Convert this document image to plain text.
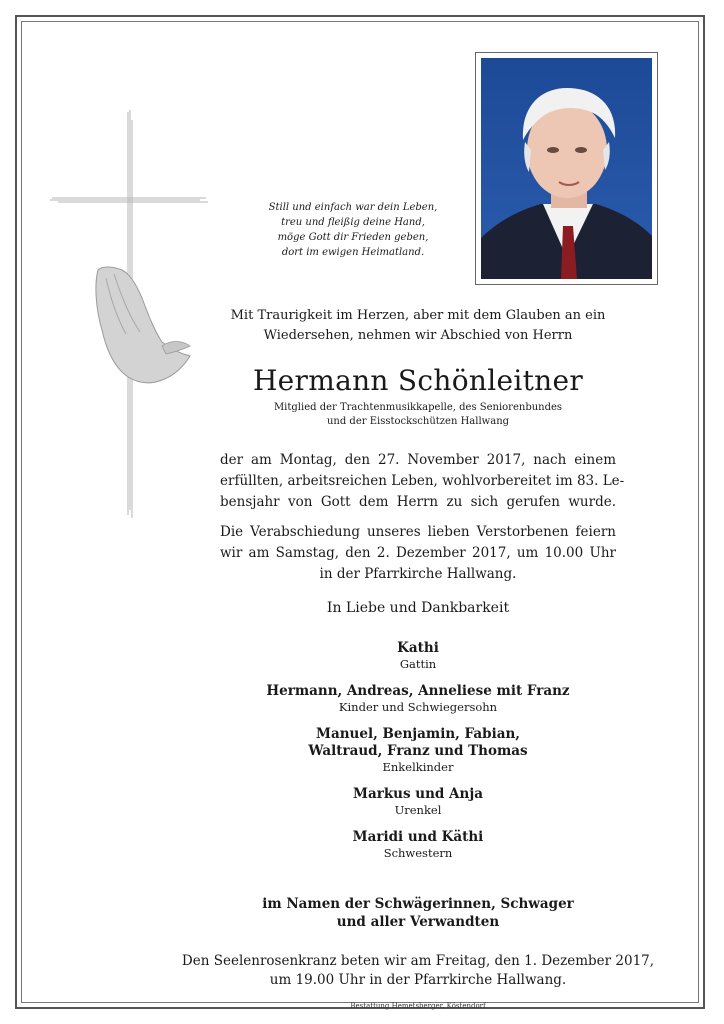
Still und einfach war dein Leben,
treu und fleißig deine Hand,
möge Gott dir Frieden geben,
dort im ewigen Heimatland.
Mit Traurigkeit im Herzen, aber mit dem Glauben an ein
Wiedersehen, nehmen wir Abschied von Herrn
Hermann Schönleitner
Mitglied der Trachtenmusikkapelle, des Seniorenbundes
und der Eisstockschützen Hallwang
der am Montag, den 27. November 2017, nach einem
erfüllten, arbeitsreichen Leben, wohlvorbereitet im 83. Le-
bensjahr von Gott dem Herrn zu sich gerufen wurde.
Die Verabschiedung unseres lieben Verstorbenen feiern
wir am Samstag, den 2. Dezember 2017, um 10.00 Uhr
in der Pfarrkirche Hallwang.
In Liebe und Dankbarkeit
Kathi
Gattin
Hermann, Andreas, Anneliese mit Franz
Kinder und Schwiegersohn
Manuel, Benjamin, Fabian,
Waltraud, Franz und Thomas
Enkelkinder
Markus und Anja
Urenkel
Maridi und Käthi
Schwestern
im Namen der Schwägerinnen, Schwager
und aller Verwandten
Den Seelenrosenkranz beten wir am Freitag, den 1. Dezember 2017,
um 19.00 Uhr in der Pfarrkirche Hallwang.
Bestattung Hemetsberger, Köstendorf
